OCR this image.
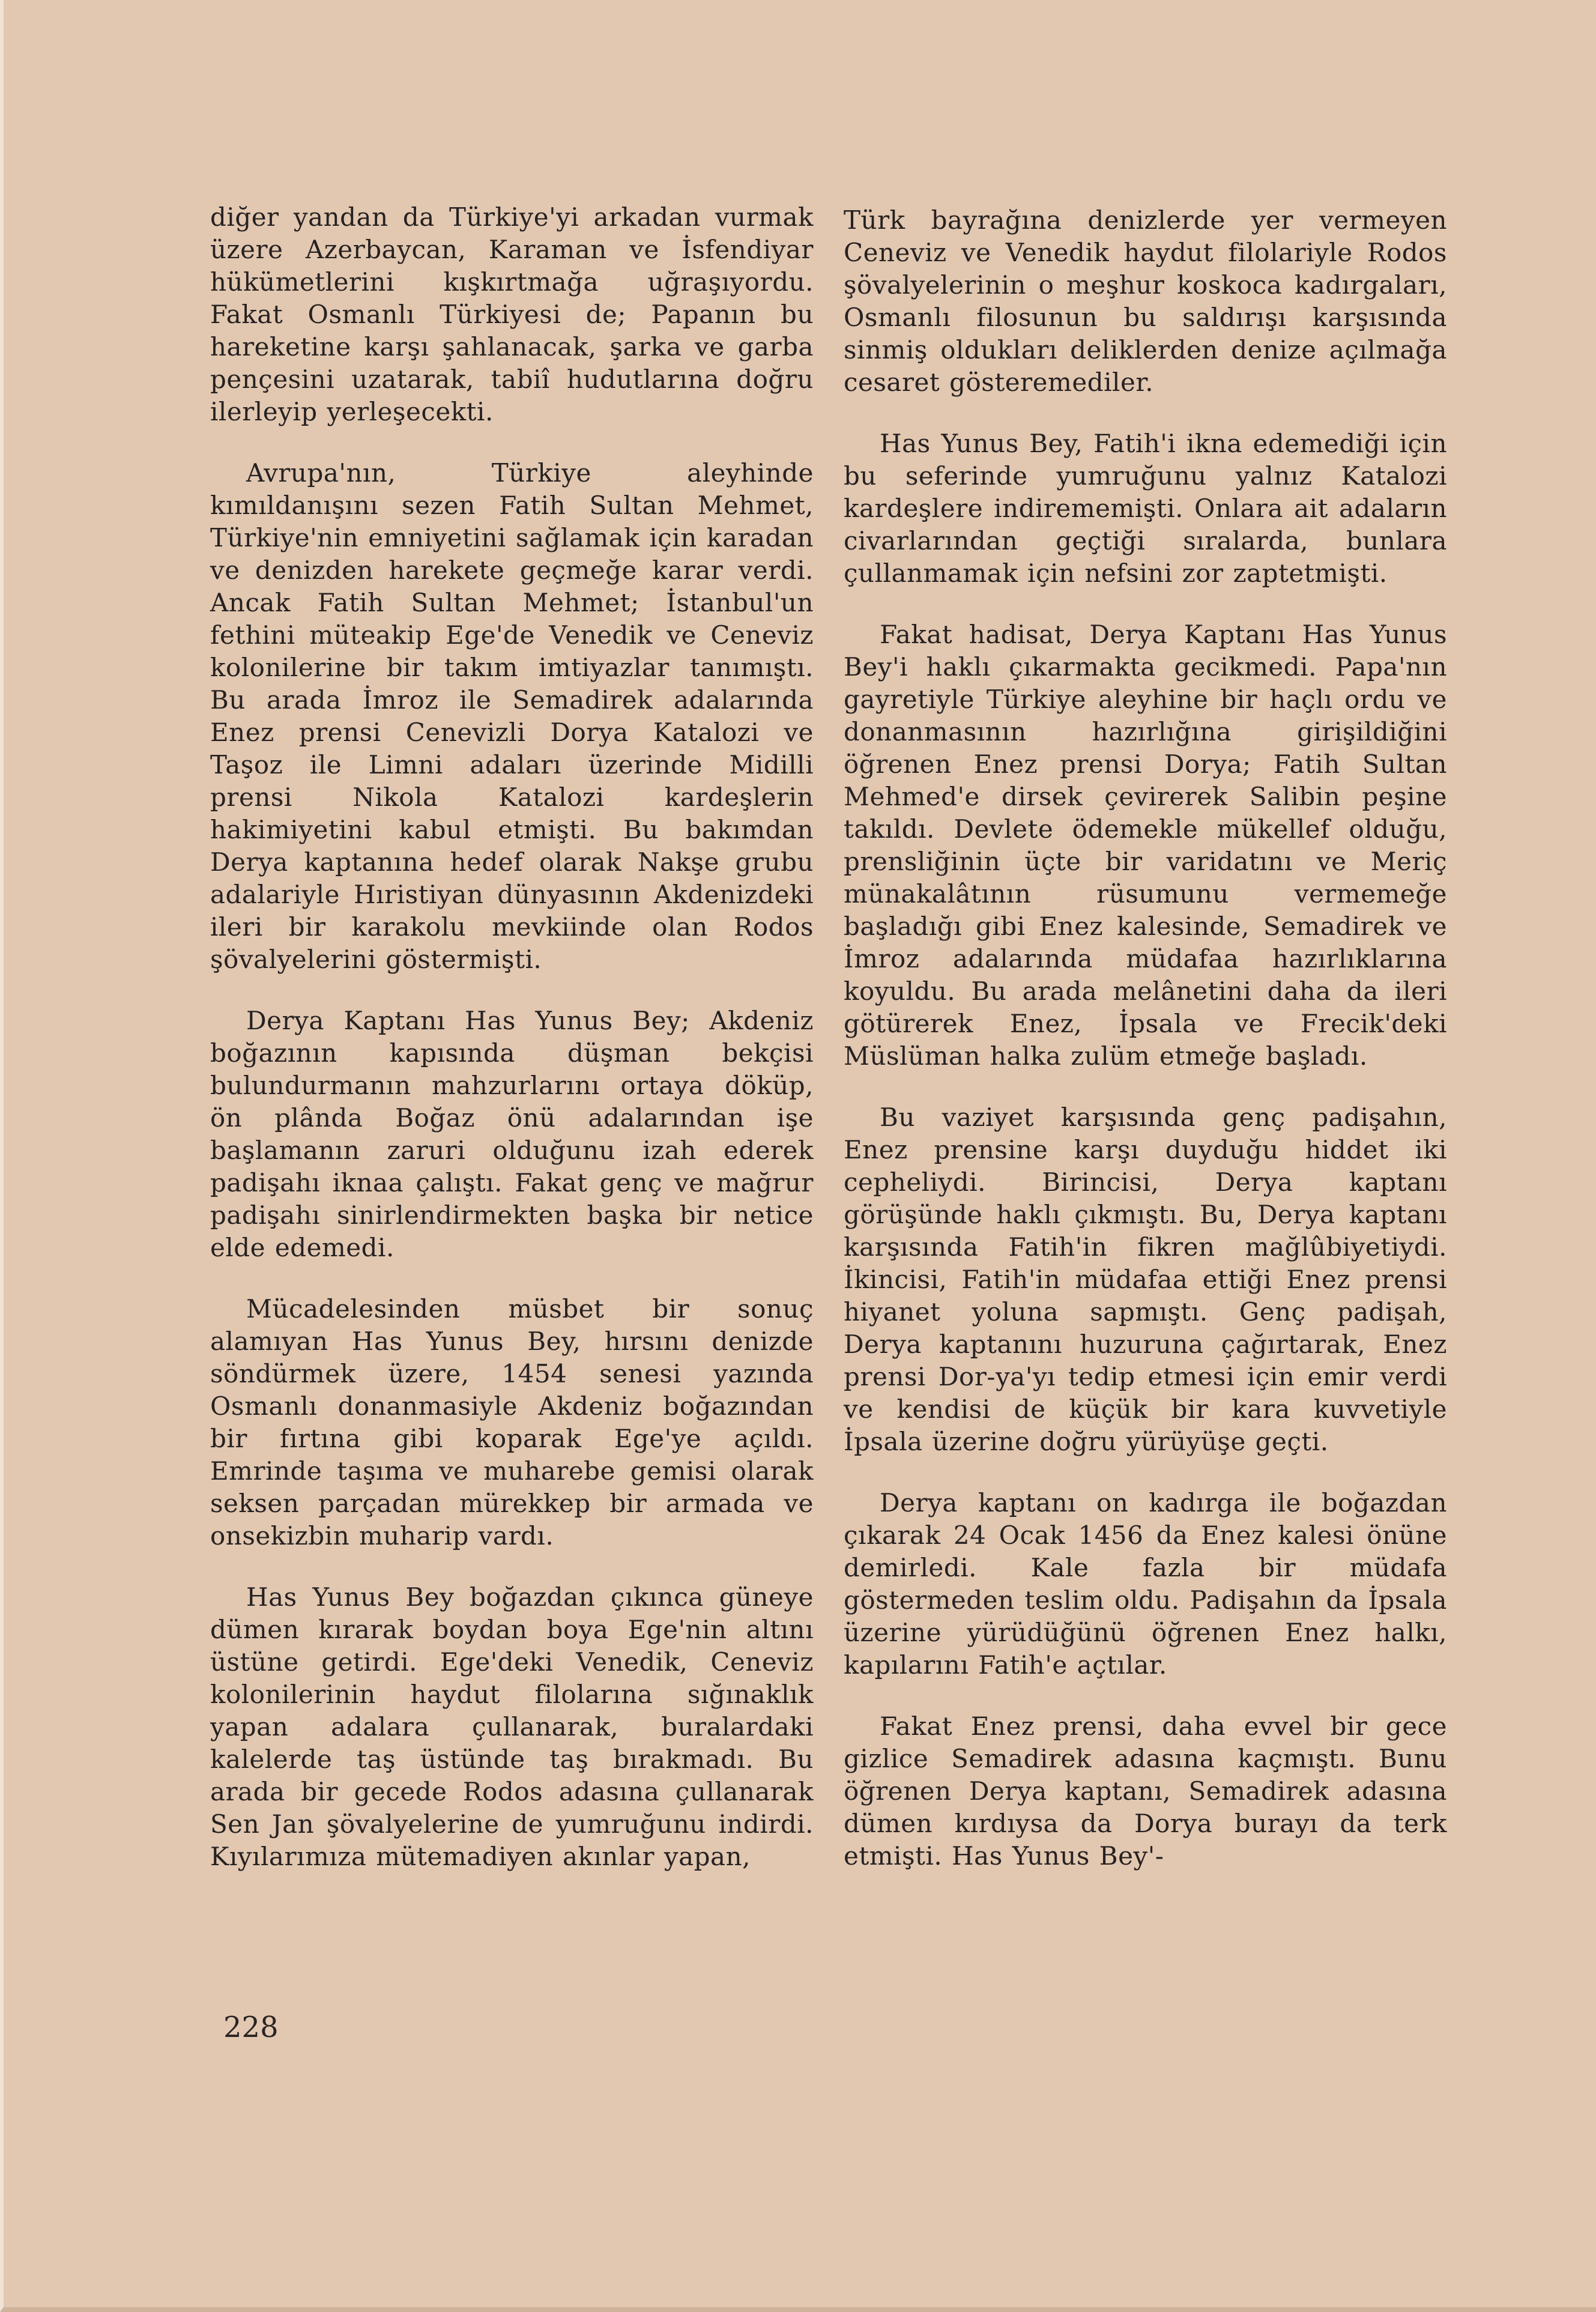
diğer yandan da Türkiye'yi arkadan vurmak üzere Azerbaycan, Karaman ve İsfendiyar hükümetlerini kışkırtmağa uğraşıyordu. Fakat Osmanlı Türkiyesi de; Papanın bu hareketine karşı şahlanacak, şarka ve garba pençesini uzatarak, tabiî hudutlarına doğru ilerleyip yerleşecekti.

Avrupa'nın, Türkiye aleyhinde kımıldanışını sezen Fatih Sultan Mehmet, Türkiye'nin emniyetini sağlamak için karadan ve denizden harekete geçmeğe karar verdi. Ancak Fatih Sultan Mehmet; İstanbul'un fethini müteakip Ege'de Venedik ve Ceneviz kolonilerine bir takım imtiyazlar tanımıştı. Bu arada İmroz ile Semadirek adalarında Enez prensi Cenevizli Dorya Katalozi ve Taşoz ile Limni adaları üzerinde Midilli prensi Nikola Katalozi kardeşlerin hakimiyetini kabul etmişti. Bu bakımdan Derya kaptanına hedef olarak Nakşe grubu adalariyle Hıristiyan dünyasının Akdenizdeki ileri bir karakolu mevkiinde olan Rodos şövalyelerini göstermişti.

Derya Kaptanı Has Yunus Bey; Akdeniz boğazının kapısında düşman bekçisi bulundurmanın mahzurlarını ortaya döküp, ön plânda Boğaz önü adalarından işe başlamanın zaruri olduğunu izah ederek padişahı iknaa çalıştı. Fakat genç ve mağrur padişahı sinirlendirmekten başka bir netice elde edemedi.

Mücadelesinden müsbet bir sonuç alamıyan Has Yunus Bey, hırsını denizde söndürmek üzere, 1454 senesi yazında Osmanlı donanmasiyle Akdeniz boğazından bir fırtına gibi koparak Ege'ye açıldı. Emrinde taşıma ve muharebe gemisi olarak seksen parçadan mürekkep bir armada ve onsekizbin muharip vardı.

Has Yunus Bey boğazdan çıkınca güneye dümen kırarak boydan boya Ege'nin altını üstüne getirdi. Ege'deki Venedik, Ceneviz kolonilerinin haydut filolarına sığınaklık yapan adalara çullanarak, buralardaki kalelerde taş üstünde taş bırakmadı. Bu arada bir gecede Rodos adasına çullanarak Sen Jan şövalyelerine de yumruğunu indirdi. Kıyılarımıza mütemadiyen akınlar yapan,

Türk bayrağına denizlerde yer vermeyen Ceneviz ve Venedik haydut filolariyle Rodos şövalyelerinin o meşhur koskoca kadırgaları, Osmanlı filosunun bu saldırışı karşısında sinmiş oldukları deliklerden denize açılmağa cesaret gösteremediler.

Has Yunus Bey, Fatih'i ikna edemediği için bu seferinde yumruğunu yalnız Katalozi kardeşlere indirememişti. Onlara ait adaların civarlarından geçtiği sıralarda, bunlara çullanmamak için nefsini zor zaptetmişti.

Fakat hadisat, Derya Kaptanı Has Yunus Bey'i haklı çıkarmakta gecikmedi. Papa'nın gayretiyle Türkiye aleyhine bir haçlı ordu ve donanmasının hazırlığına girişildiğini öğrenen Enez prensi Dorya; Fatih Sultan Mehmed'e dirsek çevirerek Salibin peşine takıldı. Devlete ödemekle mükellef olduğu, prensliğinin üçte bir varidatını ve Meriç münakalâtının rüsumunu vermemeğe başladığı gibi Enez kalesinde, Semadirek ve İmroz adalarında müdafaa hazırlıklarına koyuldu. Bu arada melânetini daha da ileri götürerek Enez, İpsala ve Frecik'deki Müslüman halka zulüm etmeğe başladı.

Bu vaziyet karşısında genç padişahın, Enez prensine karşı duyduğu hiddet iki cepheliydi. Birincisi, Derya kaptanı görüşünde haklı çıkmıştı. Bu, Derya kaptanı karşısında Fatih'in fikren mağlûbiyetiydi. İkincisi, Fatih'in müdafaa ettiği Enez prensi hiyanet yoluna sapmıştı. Genç padişah, Derya kaptanını huzuruna çağırtarak, Enez prensi Dor-ya'yı tedip etmesi için emir verdi ve kendisi de küçük bir kara kuvvetiyle İpsala üzerine doğru yürüyüşe geçti.

Derya kaptanı on kadırga ile boğazdan çıkarak 24 Ocak 1456 da Enez kalesi önüne demirledi. Kale fazla bir müdafa göstermeden teslim oldu. Padişahın da İpsala üzerine yürüdüğünü öğrenen Enez halkı, kapılarını Fatih'e açtılar.

Fakat Enez prensi, daha evvel bir gece gizlice Semadirek adasına kaçmıştı. Bunu öğrenen Derya kaptanı, Semadirek adasına dümen kırdıysa da Dorya burayı da terk etmişti. Has Yunus Bey'-

228
